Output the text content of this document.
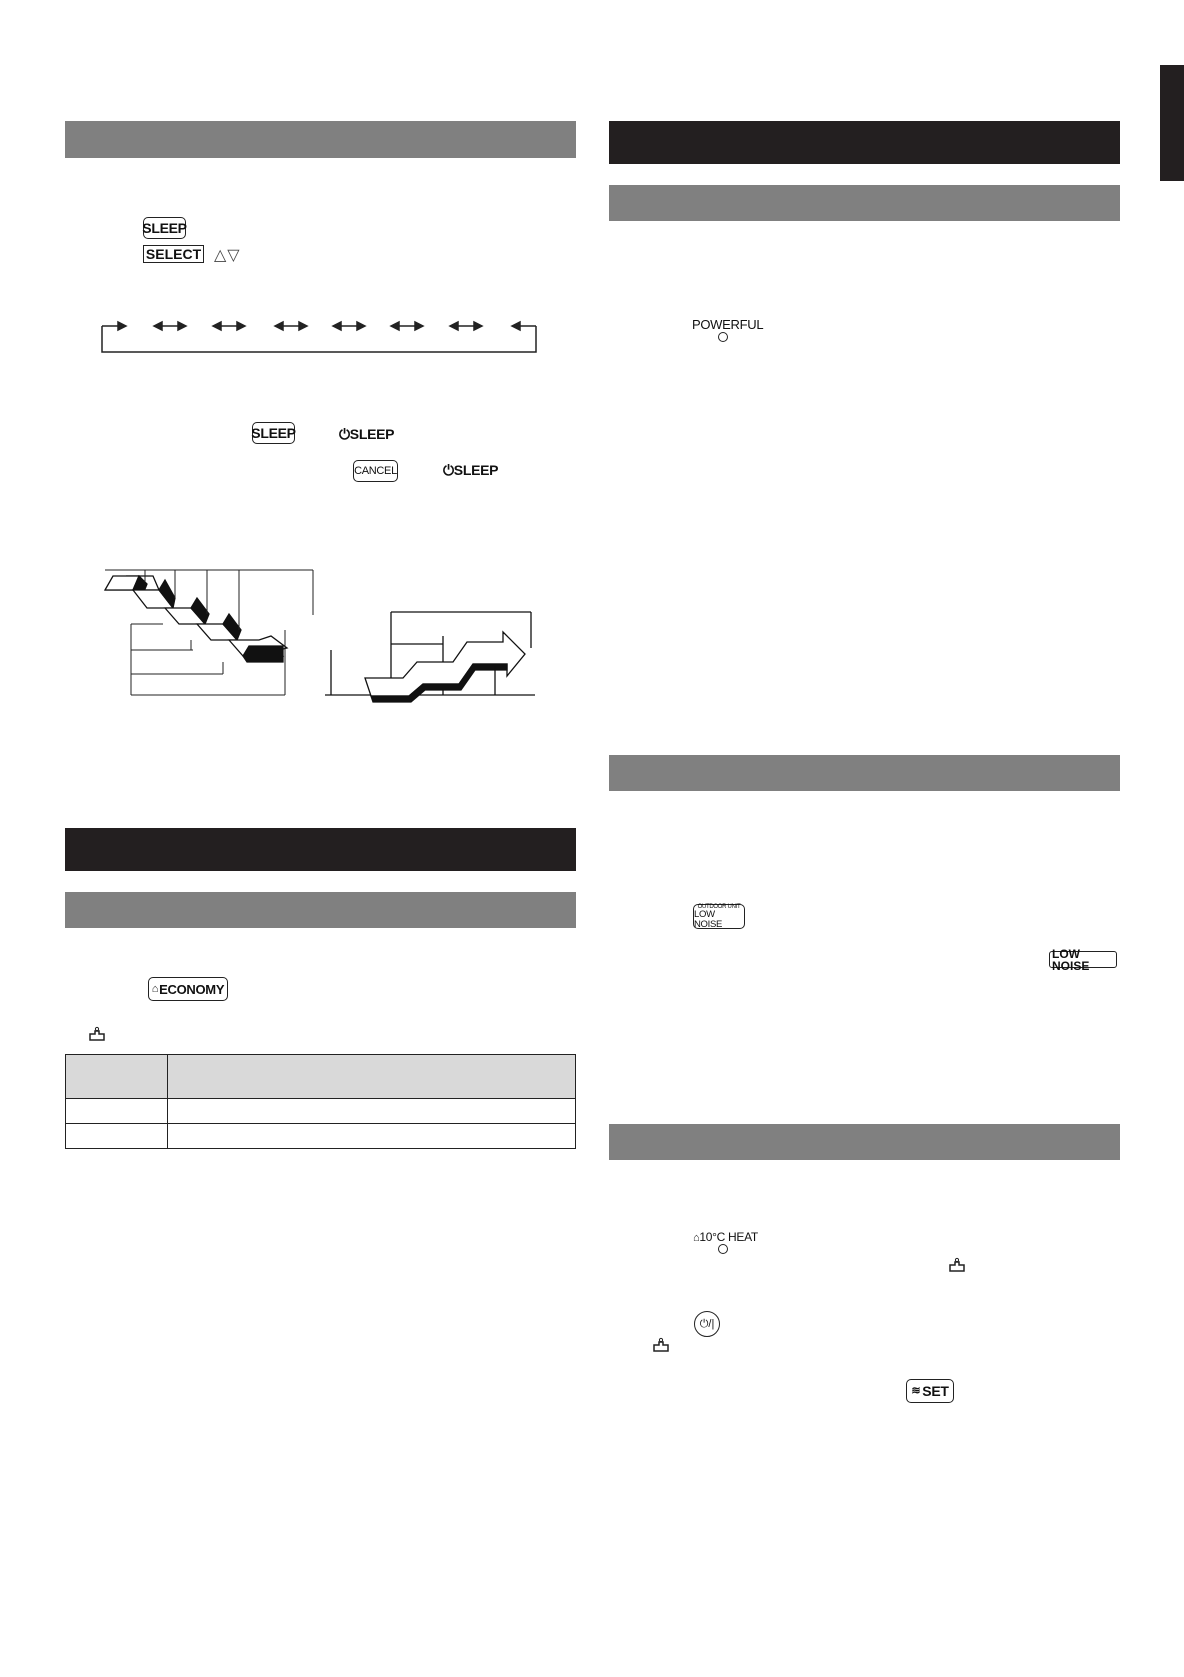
SLEEP
SELECT △▽
SLEEP	⏻SLEEP
CANCEL	⏻SLEEP
⌂ ECONOMY

POWERFUL
OUTDOOR UNIT
LOW NOISE
LOW NOISE
⌂10°C HEAT
⏻/|
≋ SET
